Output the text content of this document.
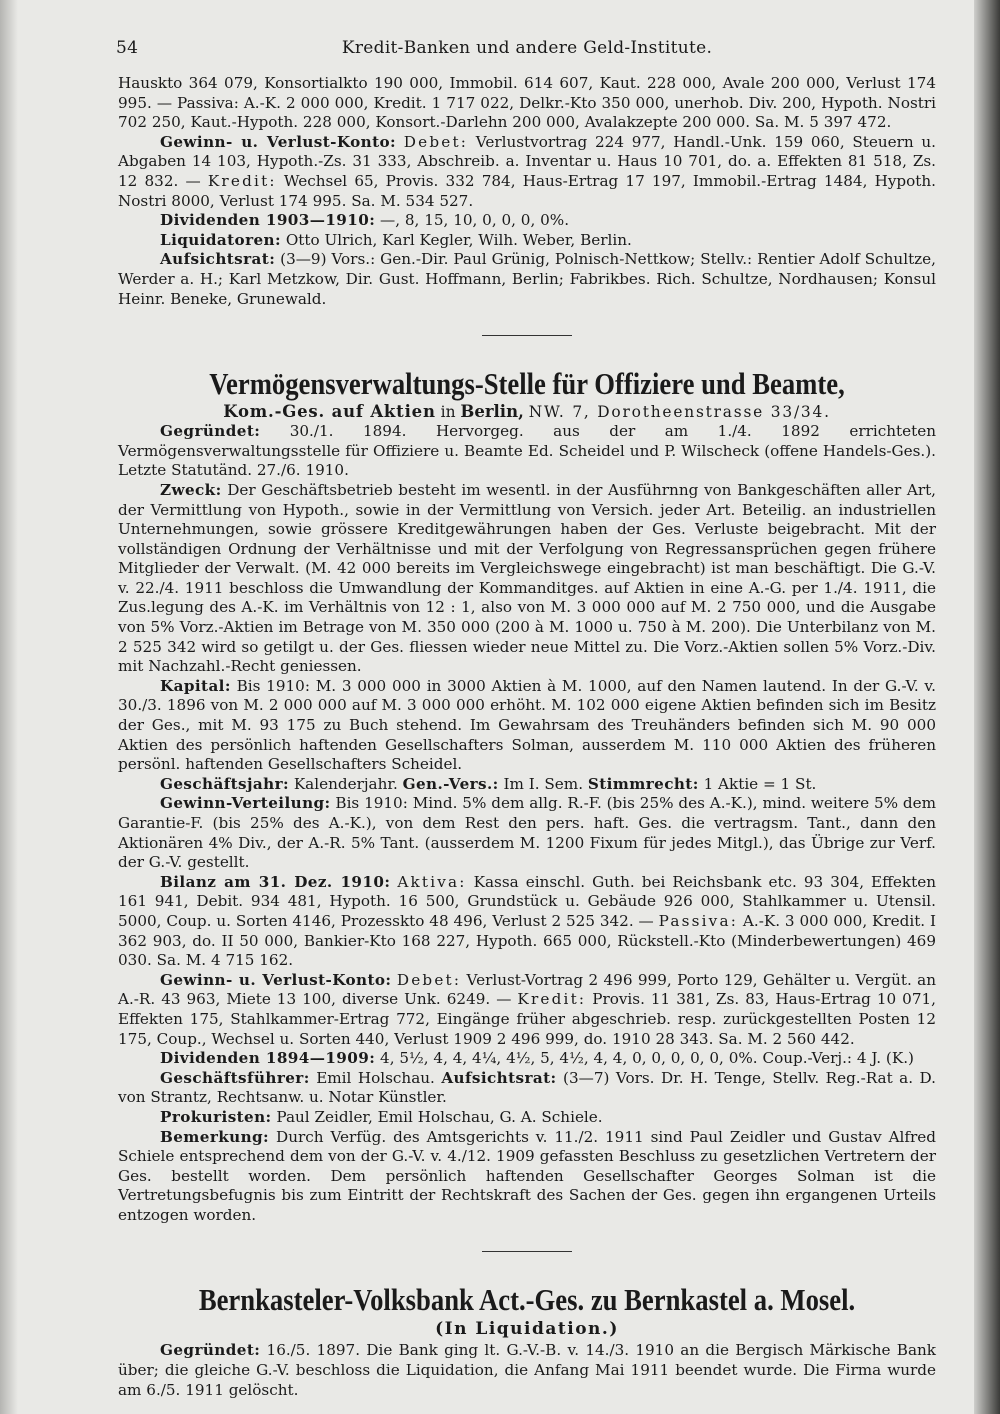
54	Kredit-Banken und andere Geld-Institute.

Hauskto 364 079, Konsortialkto 190 000, Immobil. 614 607, Kaut. 228 000, Avale 200 000, Verlust 174 995. — Passiva: A.-K. 2 000 000, Kredit. 1 717 022, Delkr.-Kto 350 000, unerhob. Div. 200, Hypoth. Nostri 702 250, Kaut.-Hypoth. 228 000, Konsort.-Darlehn 200 000, Avalakzepte 200 000. Sa. M. 5 397 472.

Gewinn- u. Verlust-Konto: Debet: Verlustvortrag 224 977, Handl.-Unk. 159 060, Steuern u. Abgaben 14 103, Hypoth.-Zs. 31 333, Abschreib. a. Inventar u. Haus 10 701, do. a. Effekten 81 518, Zs. 12 832. — Kredit: Wechsel 65, Provis. 332 784, Haus-Ertrag 17 197, Immobil.-Ertrag 1484, Hypoth. Nostri 8000, Verlust 174 995. Sa. M. 534 527.

Dividenden 1903—1910: —, 8, 15, 10, 0, 0, 0, 0%.

Liquidatoren: Otto Ulrich, Karl Kegler, Wilh. Weber, Berlin.

Aufsichtsrat: (3—9) Vors.: Gen.-Dir. Paul Grünig, Polnisch-Nettkow; Stellv.: Rentier Adolf Schultze, Werder a. H.; Karl Metzkow, Dir. Gust. Hoffmann, Berlin; Fabrikbes. Rich. Schultze, Nordhausen; Konsul Heinr. Beneke, Grunewald.

Vermögensverwaltungs-Stelle für Offiziere und Beamte,

Kom.-Ges. auf Aktien in Berlin, NW. 7, Dorotheenstrasse 33/34.

Gegründet: 30./1. 1894. Hervorgeg. aus der am 1./4. 1892 errichteten Vermögensverwaltungsstelle für Offiziere u. Beamte Ed. Scheidel und P. Wilscheck (offene Handels-Ges.). Letzte Statutänd. 27./6. 1910.

Zweck: Der Geschäftsbetrieb besteht im wesentl. in der Ausführnng von Bankgeschäften aller Art, der Vermittlung von Hypoth., sowie in der Vermittlung von Versich. jeder Art. Beteilig. an industriellen Unternehmungen, sowie grössere Kreditgewährungen haben der Ges. Verluste beigebracht. Mit der vollständigen Ordnung der Verhältnisse und mit der Verfolgung von Regressansprüchen gegen frühere Mitglieder der Verwalt. (M. 42 000 bereits im Vergleichswege eingebracht) ist man beschäftigt. Die G.-V. v. 22./4. 1911 beschloss die Umwandlung der Kommanditges. auf Aktien in eine A.-G. per 1./4. 1911, die Zus.legung des A.-K. im Verhältnis von 12 : 1, also von M. 3 000 000 auf M. 2 750 000, und die Ausgabe von 5% Vorz.-Aktien im Betrage von M. 350 000 (200 à M. 1000 u. 750 à M. 200). Die Unterbilanz von M. 2 525 342 wird so getilgt u. der Ges. fliessen wieder neue Mittel zu. Die Vorz.-Aktien sollen 5% Vorz.-Div. mit Nachzahl.-Recht geniessen.

Kapital: Bis 1910: M. 3 000 000 in 3000 Aktien à M. 1000, auf den Namen lautend. In der G.-V. v. 30./3. 1896 von M. 2 000 000 auf M. 3 000 000 erhöht. M. 102 000 eigene Aktien befinden sich im Besitz der Ges., mit M. 93 175 zu Buch stehend. Im Gewahrsam des Treuhänders befinden sich M. 90 000 Aktien des persönlich haftenden Gesellschafters Solman, ausserdem M. 110 000 Aktien des früheren persönl. haftenden Gesellschafters Scheidel.

Geschäftsjahr: Kalenderjahr. Gen.-Vers.: Im I. Sem. Stimmrecht: 1 Aktie = 1 St.

Gewinn-Verteilung: Bis 1910: Mind. 5% dem allg. R.-F. (bis 25% des A.-K.), mind. weitere 5% dem Garantie-F. (bis 25% des A.-K.), von dem Rest den pers. haft. Ges. die vertragsm. Tant., dann den Aktionären 4% Div., der A.-R. 5% Tant. (ausserdem M. 1200 Fixum für jedes Mitgl.), das Übrige zur Verf. der G.-V. gestellt.

Bilanz am 31. Dez. 1910: Aktiva: Kassa einschl. Guth. bei Reichsbank etc. 93 304, Effekten 161 941, Debit. 934 481, Hypoth. 16 500, Grundstück u. Gebäude 926 000, Stahlkammer u. Utensil. 5000, Coup. u. Sorten 4146, Prozesskto 48 496, Verlust 2 525 342. — Passiva: A.-K. 3 000 000, Kredit. I 362 903, do. II 50 000, Bankier-Kto 168 227, Hypoth. 665 000, Rückstell.-Kto (Minderbewertungen) 469 030. Sa. M. 4 715 162.

Gewinn- u. Verlust-Konto: Debet: Verlust-Vortrag 2 496 999, Porto 129, Gehälter u. Vergüt. an A.-R. 43 963, Miete 13 100, diverse Unk. 6249. — Kredit: Provis. 11 381, Zs. 83, Haus-Ertrag 10 071, Effekten 175, Stahlkammer-Ertrag 772, Eingänge früher abgeschrieb. resp. zurückgestellten Posten 12 175, Coup., Wechsel u. Sorten 440, Verlust 1909 2 496 999, do. 1910 28 343. Sa. M. 2 560 442.

Dividenden 1894—1909: 4, 5½, 4, 4, 4¼, 4½, 5, 4½, 4, 4, 0, 0, 0, 0, 0, 0%. Coup.-Verj.: 4 J. (K.)

Geschäftsführer: Emil Holschau. Aufsichtsrat: (3—7) Vors. Dr. H. Tenge, Stellv. Reg.-Rat a. D. von Strantz, Rechtsanw. u. Notar Künstler.

Prokuristen: Paul Zeidler, Emil Holschau, G. A. Schiele.

Bemerkung: Durch Verfüg. des Amtsgerichts v. 11./2. 1911 sind Paul Zeidler und Gustav Alfred Schiele entsprechend dem von der G.-V. v. 4./12. 1909 gefassten Beschluss zu gesetzlichen Vertretern der Ges. bestellt worden. Dem persönlich haftenden Gesellschafter Georges Solman ist die Vertretungsbefugnis bis zum Eintritt der Rechtskraft des Sachen der Ges. gegen ihn ergangenen Urteils entzogen worden.

Bernkasteler-Volksbank Act.-Ges. zu Bernkastel a. Mosel.

(In Liquidation.)

Gegründet: 16./5. 1897. Die Bank ging lt. G.-V.-B. v. 14./3. 1910 an die Bergisch Märkische Bank über; die gleiche G.-V. beschloss die Liquidation, die Anfang Mai 1911 beendet wurde. Die Firma wurde am 6./5. 1911 gelöscht.
